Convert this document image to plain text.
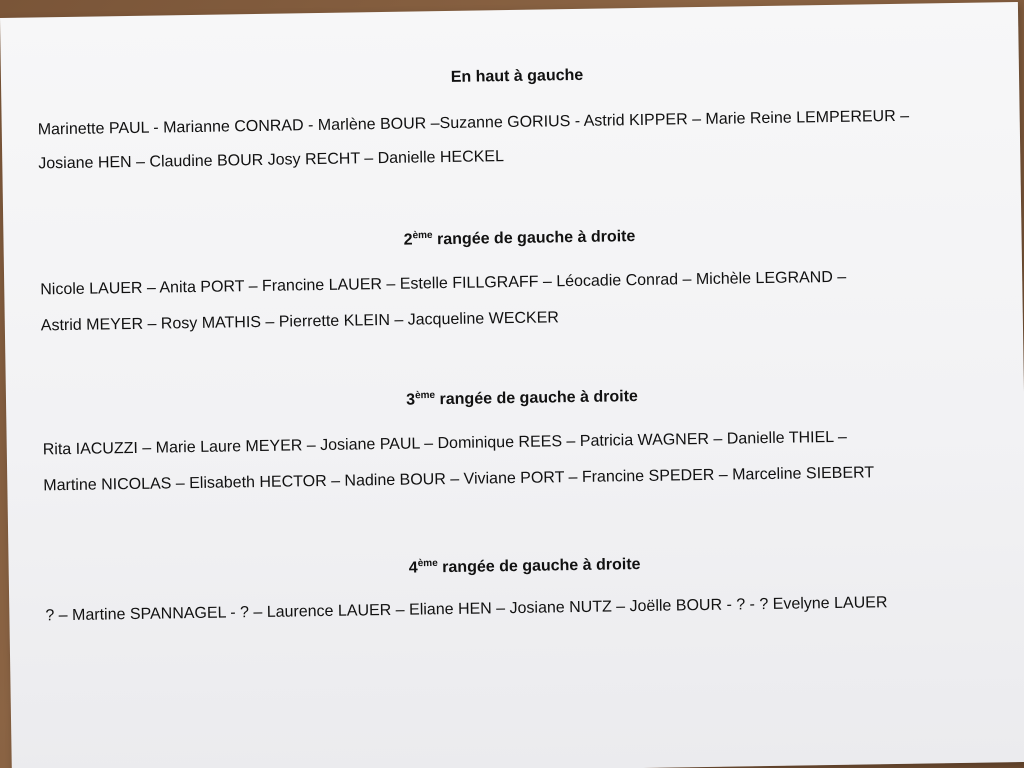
En haut à gauche
Marinette PAUL - Marianne CONRAD - Marlène BOUR –Suzanne GORIUS - Astrid KIPPER – Marie Reine LEMPEREUR –
Josiane HEN – Claudine BOUR Josy RECHT – Danielle HECKEL
2ème rangée de gauche à droite
Nicole LAUER – Anita PORT – Francine LAUER – Estelle FILLGRAFF – Léocadie Conrad – Michèle LEGRAND –
Astrid MEYER – Rosy MATHIS – Pierrette KLEIN – Jacqueline WECKER
3ème rangée de gauche à droite
Rita IACUZZI – Marie Laure MEYER – Josiane PAUL – Dominique REES – Patricia WAGNER – Danielle THIEL –
Martine NICOLAS – Elisabeth HECTOR – Nadine BOUR – Viviane PORT – Francine SPEDER – Marceline SIEBERT
4ème rangée de gauche à droite
? – Martine SPANNAGEL - ? – Laurence LAUER – Eliane HEN – Josiane NUTZ – Joëlle BOUR - ? - ? Evelyne LAUER
